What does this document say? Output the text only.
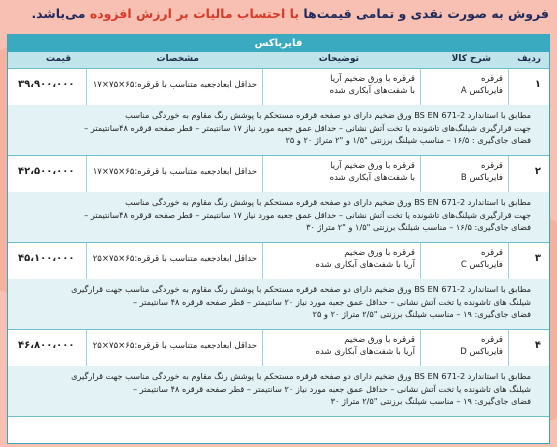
فروش به صورت نقدی و تمامی قیمت‌ها با احتساب مالیات بر ارزش افزوده می‌باشد.
فایرباکس
ردیف
شرح کالا
توضیحات
مشخصات
قیمت
۱
قرقره
فایرباکس A
قرقره با ورق ضخیم آریا
با شفت‌های آبکاری شده
حداقل ابعادجعبه متناسب با قرقره:۶۵×۷۵×۱۷
۳۹،۹۰۰،۰۰۰

مطابق با استاندارد BS EN 671-2 ورق ضخیم دارای دو صفحه قرقره مستحکم با پوشش رنگ مقاوم به خوردگی مناسب

جهت قرارگیری شیلنگ‌های تاشونده یا تخت آتش نشانی – حداقل عمق جعبه مورد نیاز ۱۷ سانتیمتر – قطر صفحه قرقره ۴۸سانتیمتر –

فضای جای‌گیری : ۱۶/۵ – مناسب شیلنگ برزنتی "۱/۵ و "۲ متراژ ۲۰ و ۲۵

۲
قرقره
فایرباکس B
قرقره با ورق ضخیم آریا
با شفت‌های آبکاری شده
حداقل ابعادجعبه متناسب با قرقره:۶۵×۷۵×۱۷
۴۲،۵۰۰،۰۰۰

مطابق با استاندارد BS EN 671-2 ورق ضخیم دارای دو صفحه قرقره مستحکم با پوشش رنگ مقاوم به خوردگی مناسب

جهت قرارگیری شیلنگ‌های تاشونده یا تخت آتش نشانی – حداقل عمق جعبه مورد نیاز ۱۷ سانتیمتر – قطر صفحه قرقره ۴۸سانتیمتر –

فضای جای‌گیری: ۱۶/۵ – مناسب شیلنگ برزنتی "۱/۵ و "۲ متراژ ۳۰

۳
قرقره
فایرباکس C
قرقره با ورق ضخیم
آریا با شفت‌های آبکاری شده
حداقل ابعادجعبه متناسب با قرقره:۶۵×۷۵×۲۵
۴۵،۱۰۰،۰۰۰

مطابق با استاندارد BS EN 671-2 ورق ضخیم دارای دو صفحه قرقره مستحکم با پوشش رنگ مقاوم به خوردگی مناسب جهت قرارگیری

شیلنگ های تاشونده یا تخت آتش نشانی – حداقل عمق جعبه مورد نیاز ۲۰ سانتیمتر – قطر صفحه قرقره ۴۸ سانتیمتر –

فضای جای‌گیری: ۱۹ – مناسب شیلنگ برزنتی "۲/۵ متراژ ۲۰ و ۲۵

۴
قرقره
فایرباکس D
قرقره با ورق ضخیم
آریا با شفت‌های آبکاری شده
حداقل ابعادجعبه متناسب با قرقره:۶۵×۷۵×۲۵
۴۶،۸۰۰،۰۰۰

مطابق با استاندارد BS EN 671-2 ورق ضخیم دارای دو صفحه قرقره مستحکم با پوشش رنگ مقاوم به خوردگی مناسب جهت قرارگیری

شیلنگ های تاشونده یا تخت آتش نشانی – حداقل عمق جعبه مورد نیاز ۲۰ سانتیمتر – قطر صفحه قرقره ۴۸ سانتیمتر –

فضای جای‌گیری: ۱۹ – مناسب شیلنگ برزنتی "۲/۵ متراژ ۳۰
